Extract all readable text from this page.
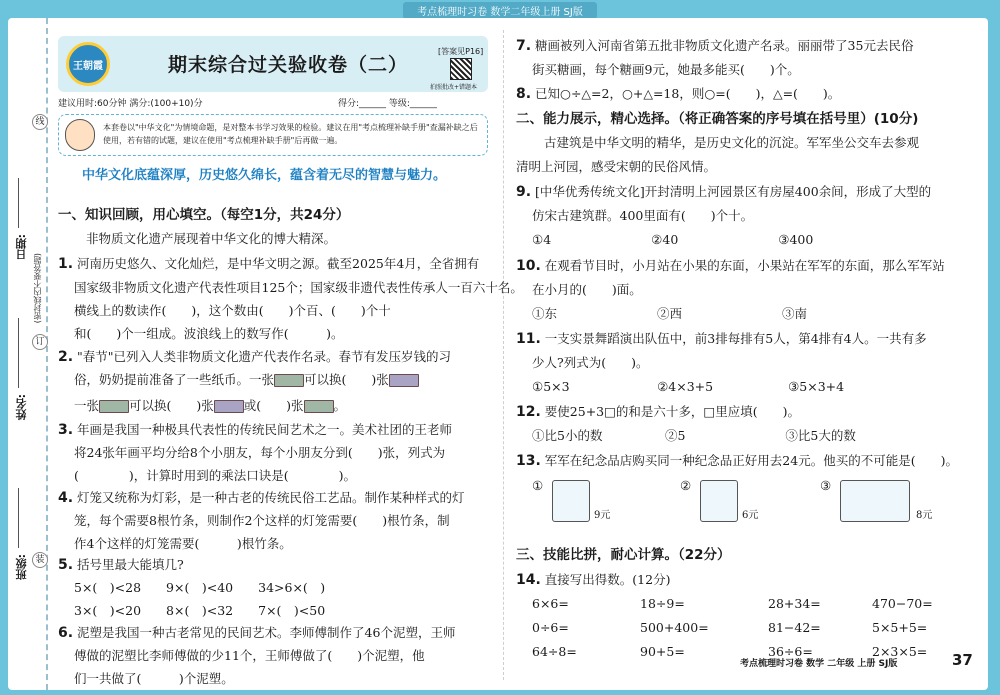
考点梳理时习卷 数学二年级上册 SJ版
日期:
(密封线内不要答题)
线
订
装
姓名:
班级:
王朝霞	期末综合过关验收卷（二）
[答案见P16]
拍照批改+错题本
建议用时:60分钟 满分:(100+10)分	得分:______ 等级:______
本套卷以"中华文化"为情境命题，是对整本书学习效果的检验。建议在用"考点梳理补缺手册"查漏补缺之后使用，若有错的试题，建议在使用"考点梳理补缺手册"后再做一遍。
中华文化底蕴深厚，历史悠久绵长，蕴含着无尽的智慧与魅力。
一、知识回顾，用心填空。（每空1分，共24分）
非物质文化遗产展现着中华文化的博大精深。
1. 河南历史悠久、文化灿烂，是中华文明之源。截至2025年4月，全省拥有
国家级非物质文化遗产代表性项目125个；国家级非遗代表性传承人一百六十名。
横线上的数读作(　　)，这个数由(　　)个百、(　　)个十
和(　　)个一组成。波浪线上的数写作(　　　)。
2. "春节"已列入人类非物质文化遗产代表作名录。春节有发压岁钱的习
俗，奶奶提前准备了一些纸币。一张 可以换(　　)张
一张 可以换(　　)张 或(　　)张 。
3. 年画是我国一种极具代表性的传统民间艺术之一。美术社团的王老师
将24张年画平均分给8个小朋友，每个小朋友分到(　　)张，列式为
(　　　　)，计算时用到的乘法口诀是(　　　　)。
4. 灯笼又统称为灯彩，是一种古老的传统民俗工艺品。制作某种样式的灯
笼，每个需要8根竹条，则制作2个这样的灯笼需要(　　)根竹条，制
作4个这样的灯笼需要(　　　)根竹条。
5. 括号里最大能填几?
5×(　)<28　　9×(　)<40　　34>6×(　)
3×(　)<20　　8×(　)<32　　7×(　)<50
6. 泥塑是我国一种古老常见的民间艺术。李师傅制作了46个泥塑，王师
傅做的泥塑比李师傅做的少11个，王师傅做了(　　)个泥塑，他
们一共做了(　　　)个泥塑。
7. 糖画被列入河南省第五批非物质文化遗产名录。丽丽带了35元去民俗
街买糖画，每个糖画9元，她最多能买(　　)个。
8. 已知○÷△=2，○+△=18，则○=(　　)，△=(　　)。
二、能力展示，精心选择。（将正确答案的序号填在括号里）(10分)
古建筑是中华文明的精华，是历史文化的沉淀。军军坐公交车去参观
清明上河园，感受宋朝的民俗风情。
9. [中华优秀传统文化]开封清明上河园景区有房屋400余间，形成了大型的
仿宋古建筑群。400里面有(　　)个十。
①4　　　　　　　　②40　　　　　　　　③400
10. 在观看节目时，小月站在小果的东面，小果站在军军的东面，那么军军站
在小月的(　　)面。
①东　　　　　　　　②西　　　　　　　　③南
11. 一支实景舞蹈演出队伍中，前3排每排有5人，第4排有4人。一共有多
少人?列式为(　　)。
①5×3　　　　　　　②4×3+5　　　　　　③5×3+4
12. 要使25+3□的和是六十多，□里应填(　　)。
①比5小的数　　　　　②5　　　　　　　　③比5大的数
13. 军军在纪念品店购买同一种纪念品正好用去24元。他买的不可能是(　　)。
三、技能比拼，耐心计算。（22分）
14. 直接写出得数。(12分)
①
9元
②
6元
③
8元
6×6=	18÷9=	28+34=	470−70=
0÷6=	500+400=	81−42=	5×5+5=
64÷8=	90+5=	36÷6=	2×3×5=
考点梳理时习卷 数学 二年级 上册 SJ版	37
